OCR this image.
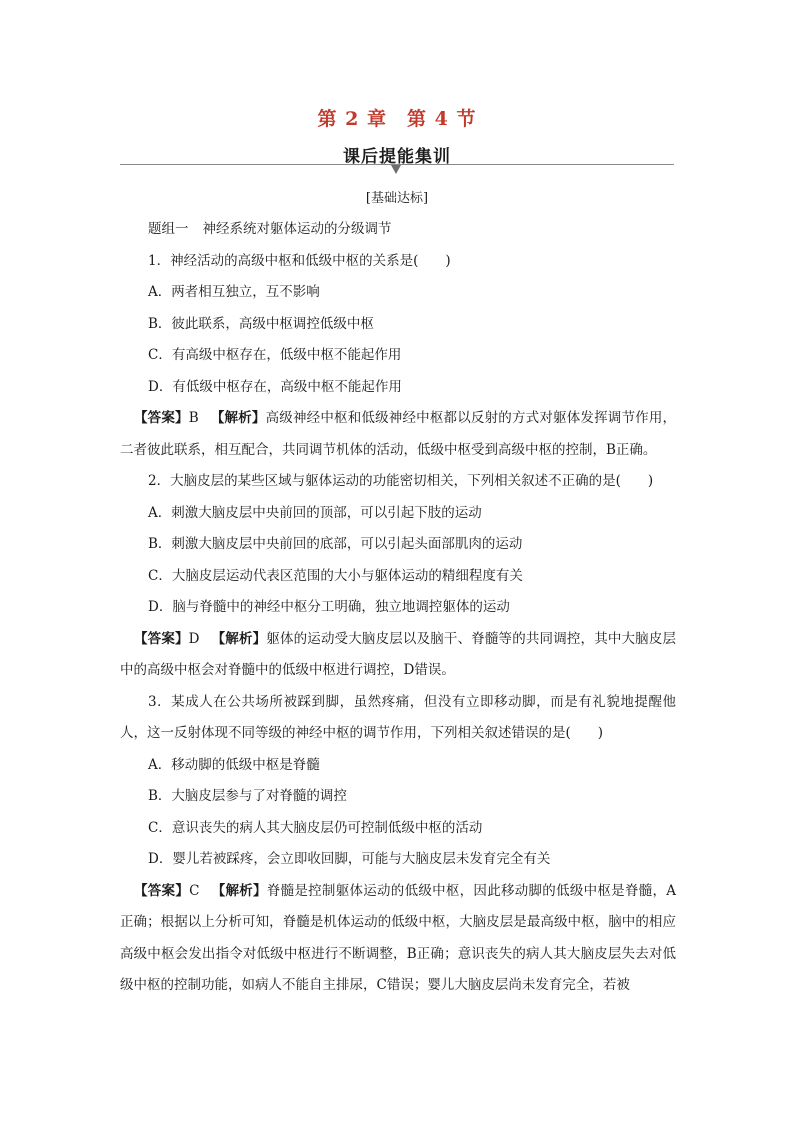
第 2 章　第 4 节
课后提能集训
[基础达标]
题组一 神经系统对躯体运动的分级调节
1．神经活动的高级中枢和低级中枢的关系是(　　)
A．两者相互独立，互不影响
B．彼此联系，高级中枢调控低级中枢
C．有高级中枢存在，低级中枢不能起作用
D．有低级中枢存在，高级中枢不能起作用
【答案】B 【解析】高级神经中枢和低级神经中枢都以反射的方式对躯体发挥调节作用，二者彼此联系，相互配合，共同调节机体的活动，低级中枢受到高级中枢的控制，B正确。
2．大脑皮层的某些区域与躯体运动的功能密切相关，下列相关叙述不正确的是(　　)
A．刺激大脑皮层中央前回的顶部，可以引起下肢的运动
B．刺激大脑皮层中央前回的底部，可以引起头面部肌肉的运动
C．大脑皮层运动代表区范围的大小与躯体运动的精细程度有关
D．脑与脊髓中的神经中枢分工明确，独立地调控躯体的运动
【答案】D 【解析】躯体的运动受大脑皮层以及脑干、脊髓等的共同调控，其中大脑皮层中的高级中枢会对脊髓中的低级中枢进行调控，D错误。
3．某成人在公共场所被踩到脚，虽然疼痛，但没有立即移动脚，而是有礼貌地提醒他人，这一反射体现不同等级的神经中枢的调节作用，下列相关叙述错误的是(　　)
A．移动脚的低级中枢是脊髓
B．大脑皮层参与了对脊髓的调控
C．意识丧失的病人其大脑皮层仍可控制低级中枢的活动
D．婴儿若被踩疼，会立即收回脚，可能与大脑皮层未发育完全有关
【答案】C 【解析】脊髓是控制躯体运动的低级中枢，因此移动脚的低级中枢是脊髓，A正确；根据以上分析可知，脊髓是机体运动的低级中枢，大脑皮层是最高级中枢，脑中的相应高级中枢会发出指令对低级中枢进行不断调整，B正确；意识丧失的病人其大脑皮层失去对低级中枢的控制功能，如病人不能自主排尿，C错误；婴儿大脑皮层尚未发育完全，若被
